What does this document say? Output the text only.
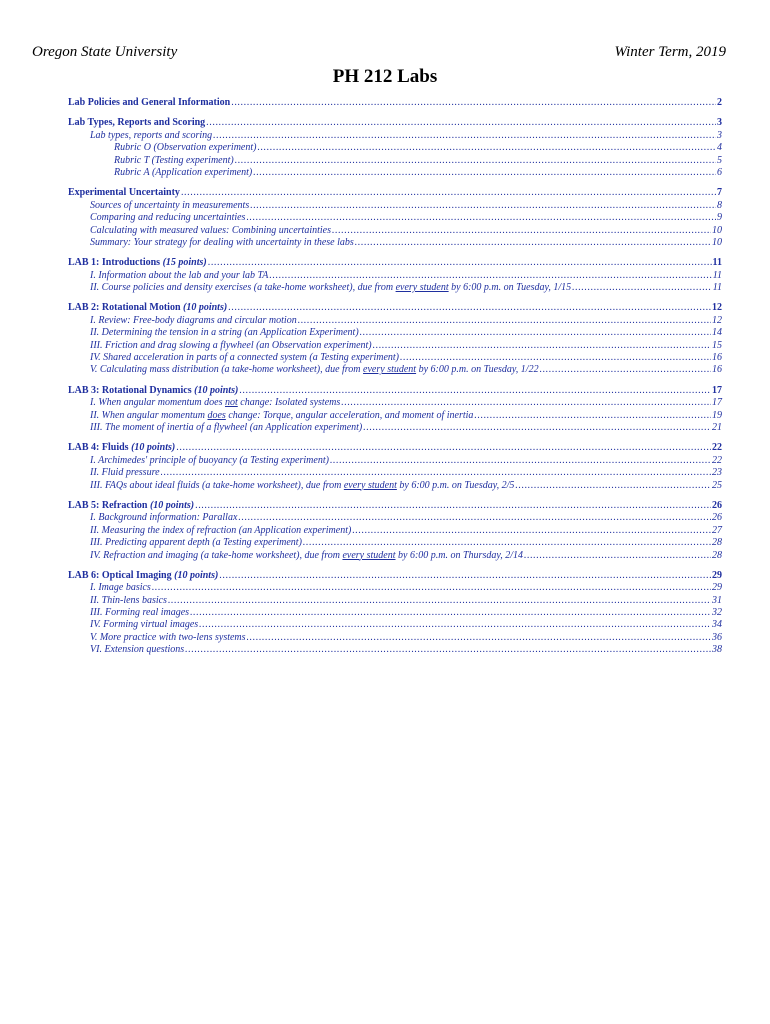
Oregon State University	Winter Term, 2019
PH 212 Labs
Lab Policies and General Information .....	2
Lab Types, Reports and Scoring .....	3
Lab types, reports and scoring .....	3
Rubric O (Observation experiment) .....	4
Rubric T (Testing experiment) .....	5
Rubric A (Application experiment) .....	6
Experimental Uncertainty .....	7
Sources of uncertainty in measurements .....	8
Comparing and reducing uncertainties .....	9
Calculating with measured values: Combining uncertainties .....	10
Summary: Your strategy for dealing with uncertainty in these labs .....	10
LAB 1: Introductions (15 points) .....	11
I. Information about the lab and your lab TA .....	11
II. Course policies and density exercises (a take-home worksheet), due from every student by 6:00 p.m. on Tuesday, 1/15 .....	11
LAB 2: Rotational Motion (10 points) .....	12
I. Review: Free-body diagrams and circular motion .....	12
II. Determining the tension in a string (an Application Experiment) .....	14
III. Friction and drag slowing a flywheel (an Observation experiment) .....	15
IV. Shared acceleration in parts of a connected system (a Testing experiment) .....	16
V. Calculating mass distribution (a take-home worksheet), due from every student by 6:00 p.m. on Tuesday, 1/22 .....	16
LAB 3: Rotational Dynamics (10 points) .....	17
I. When angular momentum does not change: Isolated systems .....	17
II. When angular momentum does change: Torque, angular acceleration, and moment of inertia .....	19
III. The moment of inertia of a flywheel (an Application experiment) .....	21
LAB 4: Fluids (10 points) .....	22
I. Archimedes' principle of buoyancy (a Testing experiment) .....	22
II. Fluid pressure .....	23
III. FAQs about ideal fluids (a take-home worksheet), due from every student by 6:00 p.m. on Tuesday, 2/5 .....	25
LAB 5: Refraction (10 points) .....	26
I. Background information: Parallax .....	26
II. Measuring the index of refraction (an Application experiment) .....	27
III. Predicting apparent depth (a Testing experiment) .....	28
IV. Refraction and imaging (a take-home worksheet), due from every student by 6:00 p.m. on Thursday, 2/14 .....	28
LAB 6: Optical Imaging (10 points) .....	29
I. Image basics .....	29
II. Thin-lens basics .....	31
III. Forming real images .....	32
IV. Forming virtual images .....	34
V. More practice with two-lens systems .....	36
VI. Extension questions .....	38
